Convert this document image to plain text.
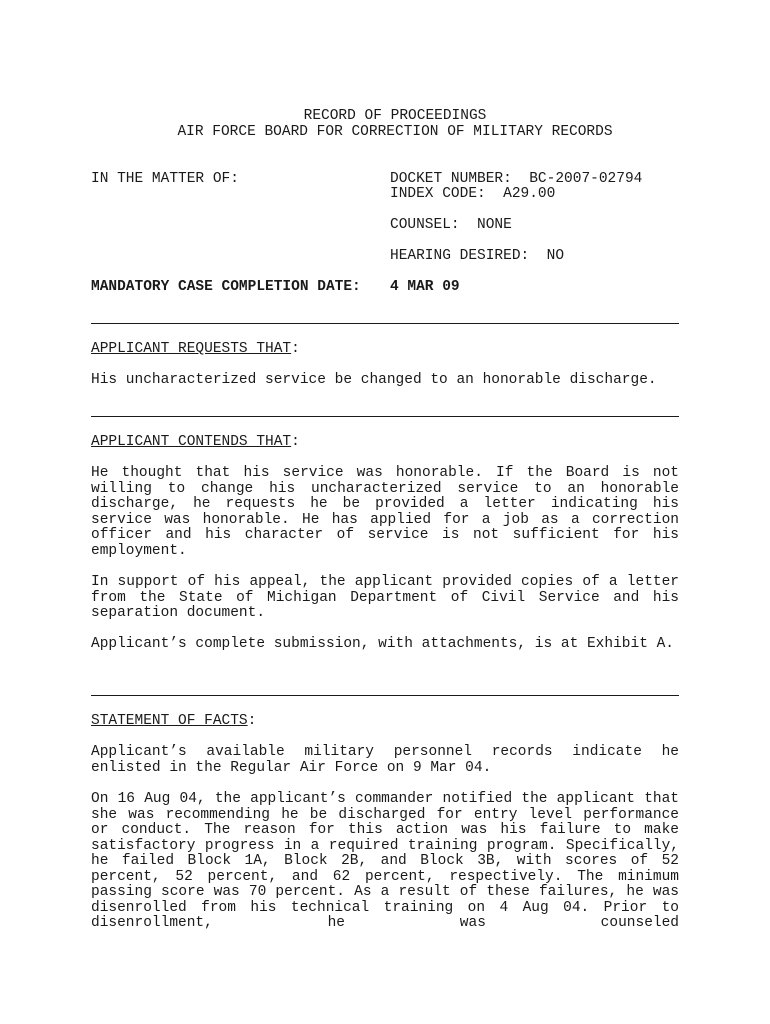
RECORD OF PROCEEDINGS
AIR FORCE BOARD FOR CORRECTION OF MILITARY RECORDS
IN THE MATTER OF:	DOCKET NUMBER: BC-2007-02794
INDEX CODE: A29.00
COUNSEL: NONE
HEARING DESIRED: NO
MANDATORY CASE COMPLETION DATE: 4 MAR 09
APPLICANT REQUESTS THAT:
His uncharacterized service be changed to an honorable discharge.
APPLICANT CONTENDS THAT:
He thought that his service was honorable. If the Board is not willing to change his uncharacterized service to an honorable discharge, he requests he be provided a letter indicating his service was honorable. He has applied for a job as a correction officer and his character of service is not sufficient for his employment.
In support of his appeal, the applicant provided copies of a letter from the State of Michigan Department of Civil Service and his separation document.
Applicant’s complete submission, with attachments, is at Exhibit A.
STATEMENT OF FACTS:
Applicant’s available military personnel records indicate he enlisted in the Regular Air Force on 9 Mar 04.
On 16 Aug 04, the applicant’s commander notified the applicant that she was recommending he be discharged for entry level performance or conduct. The reason for this action was his failure to make satisfactory progress in a required training program. Specifically, he failed Block 1A, Block 2B, and Block 3B, with scores of 52 percent, 52 percent, and 62 percent, respectively. The minimum passing score was 70 percent. As a result of these failures, he was disenrolled from his technical training on 4 Aug 04. Prior to disenrollment, he was counseled
